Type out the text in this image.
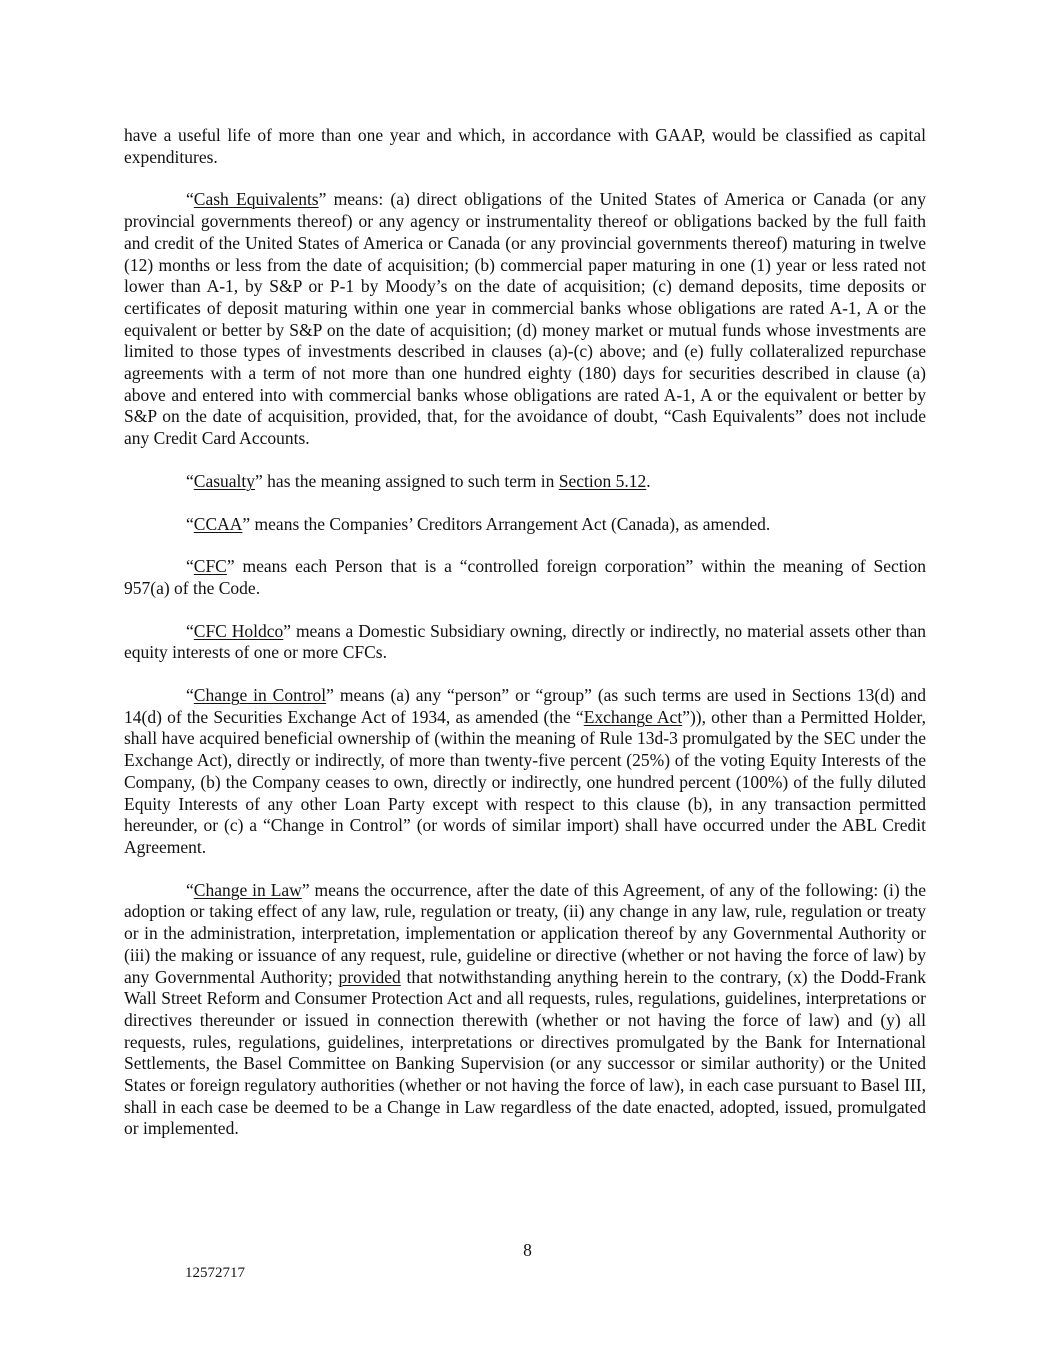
have a useful life of more than one year and which, in accordance with GAAP, would be classified as capital expenditures.

“Cash Equivalents” means: (a) direct obligations of the United States of America or Canada (or any provincial governments thereof) or any agency or instrumentality thereof or obligations backed by the full faith and credit of the United States of America or Canada (or any provincial governments thereof) maturing in twelve (12) months or less from the date of acquisition; (b) commercial paper maturing in one (1) year or less rated not lower than A-1, by S&P or P-1 by Moody’s on the date of acquisition; (c) demand deposits, time deposits or certificates of deposit maturing within one year in commercial banks whose obligations are rated A-1, A or the equivalent or better by S&P on the date of acquisition; (d) money market or mutual funds whose investments are limited to those types of investments described in clauses (a)-(c) above; and (e) fully collateralized repurchase agreements with a term of not more than one hundred eighty (180) days for securities described in clause (a) above and entered into with commercial banks whose obligations are rated A-1, A or the equivalent or better by S&P on the date of acquisition, provided, that, for the avoidance of doubt, “Cash Equivalents” does not include any Credit Card Accounts.

“Casualty” has the meaning assigned to such term in Section 5.12.

“CCAA” means the Companies’ Creditors Arrangement Act (Canada), as amended.

“CFC” means each Person that is a “controlled foreign corporation” within the meaning of Section 957(a) of the Code.

“CFC Holdco” means a Domestic Subsidiary owning, directly or indirectly, no material assets other than equity interests of one or more CFCs.

“Change in Control” means (a) any “person” or “group” (as such terms are used in Sections 13(d) and 14(d) of the Securities Exchange Act of 1934, as amended (the “Exchange Act”)), other than a Permitted Holder, shall have acquired beneficial ownership of (within the meaning of Rule 13d-3 promulgated by the SEC under the Exchange Act), directly or indirectly, of more than twenty-five percent (25%) of the voting Equity Interests of the Company, (b) the Company ceases to own, directly or indirectly, one hundred percent (100%) of the fully diluted Equity Interests of any other Loan Party except with respect to this clause (b), in any transaction permitted hereunder, or (c) a “Change in Control” (or words of similar import) shall have occurred under the ABL Credit Agreement.

“Change in Law” means the occurrence, after the date of this Agreement, of any of the following: (i) the adoption or taking effect of any law, rule, regulation or treaty, (ii) any change in any law, rule, regulation or treaty or in the administration, interpretation, implementation or application thereof by any Governmental Authority or (iii) the making or issuance of any request, rule, guideline or directive (whether or not having the force of law) by any Governmental Authority; provided that notwithstanding anything herein to the contrary, (x) the Dodd-Frank Wall Street Reform and Consumer Protection Act and all requests, rules, regulations, guidelines, interpretations or directives thereunder or issued in connection therewith (whether or not having the force of law) and (y) all requests, rules, regulations, guidelines, interpretations or directives promulgated by the Bank for International Settlements, the Basel Committee on Banking Supervision (or any successor or similar authority) or the United States or foreign regulatory authorities (whether or not having the force of law), in each case pursuant to Basel III, shall in each case be deemed to be a Change in Law regardless of the date enacted, adopted, issued, promulgated or implemented.

8
12572717
